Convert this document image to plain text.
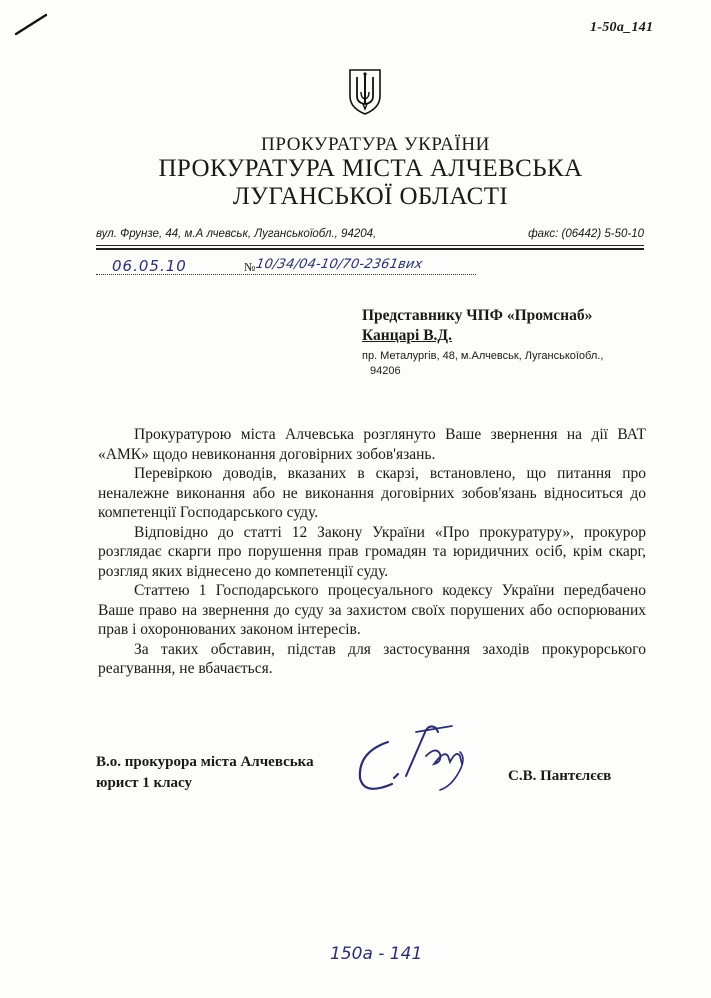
1-50a_141
ПРОКУРАТУРА УКРАЇНИ
ПРОКУРАТУРА МІСТА АЛЧЕВСЬКА
ЛУГАНСЬКОЇ ОБЛАСТІ
вул. Фрунзе, 44, м.А лчевськ, Луганськоїобл., 94204,	факс: (06442) 5-50-10
06.05.10	№ 10/34/04-10/70-2361вих
Представнику ЧПФ «Промснаб»
Канцарі В.Д.
пр. Металургів, 48, м.Алчевськ, Луганськоїобл.,
94206

Прокуратурою міста Алчевська розглянуто Ваше звернення на дії ВАТ «АМК» щодо невиконання договірних зобов'язань.

Перевіркою доводів, вказаних в скарзі, встановлено, що питання про неналежне виконання або не виконання договірних зобов'язань відноситься до компетенції Господарського суду.

Відповідно до статті 12 Закону України «Про прокуратуру», прокурор розглядає скарги про порушення прав громадян та юридичних осіб, крім скарг, розгляд яких віднесено до компетенції суду.

Статтею 1 Господарського процесуального кодексу України передбачено Ваше право на звернення до суду за захистом своїх порушених або оспорюваних прав і охоронюваних законом інтересів.

За таких обставин, підстав для застосування заходів прокурорського реагування, не вбачається.

В.о. прокурора міста Алчевська
юрист 1 класу	С.В. Пантєлєєв
150а - 141
